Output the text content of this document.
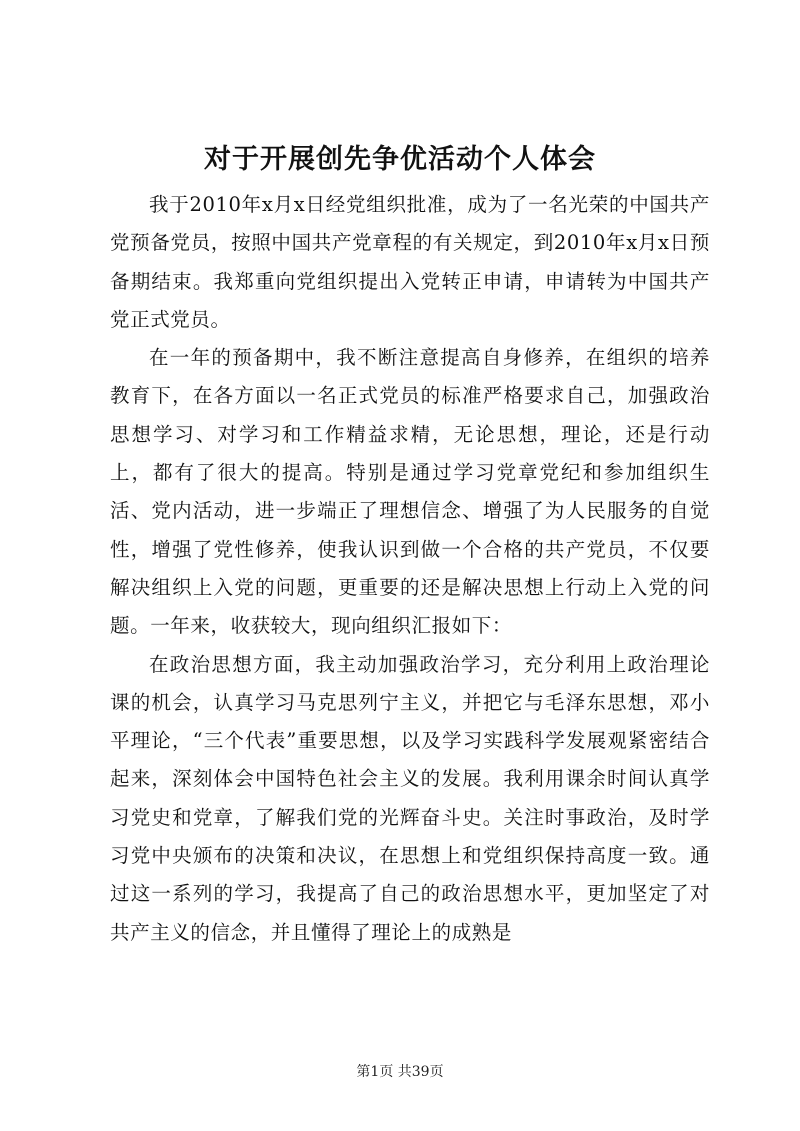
对于开展创先争优活动个人体会

我于2010年x月x日经党组织批准，成为了一名光荣的中国共产党预备党员，按照中国共产党章程的有关规定，到2010年x月x日预备期结束。我郑重向党组织提出入党转正申请，申请转为中国共产党正式党员。

在一年的预备期中，我不断注意提高自身修养，在组织的培养教育下，在各方面以一名正式党员的标准严格要求自己，加强政治思想学习、对学习和工作精益求精，无论思想，理论，还是行动上，都有了很大的提高。特别是通过学习党章党纪和参加组织生活、党内活动，进一步端正了理想信念、增强了为人民服务的自觉性，增强了党性修养，使我认识到做一个合格的共产党员，不仅要解决组织上入党的问题，更重要的还是解决思想上行动上入党的问题。一年来，收获较大，现向组织汇报如下：

在政治思想方面，我主动加强政治学习，充分利用上政治理论课的机会，认真学习马克思列宁主义，并把它与毛泽东思想，邓小平理论，“三个代表”重要思想，以及学习实践科学发展观紧密结合起来，深刻体会中国特色社会主义的发展。我利用课余时间认真学习党史和党章，了解我们党的光辉奋斗史。关注时事政治，及时学习党中央颁布的决策和决议，在思想上和党组织保持高度一致。通过这一系列的学习，我提高了自己的政治思想水平，更加坚定了对共产主义的信念，并且懂得了理论上的成熟是

第1页 共39页
